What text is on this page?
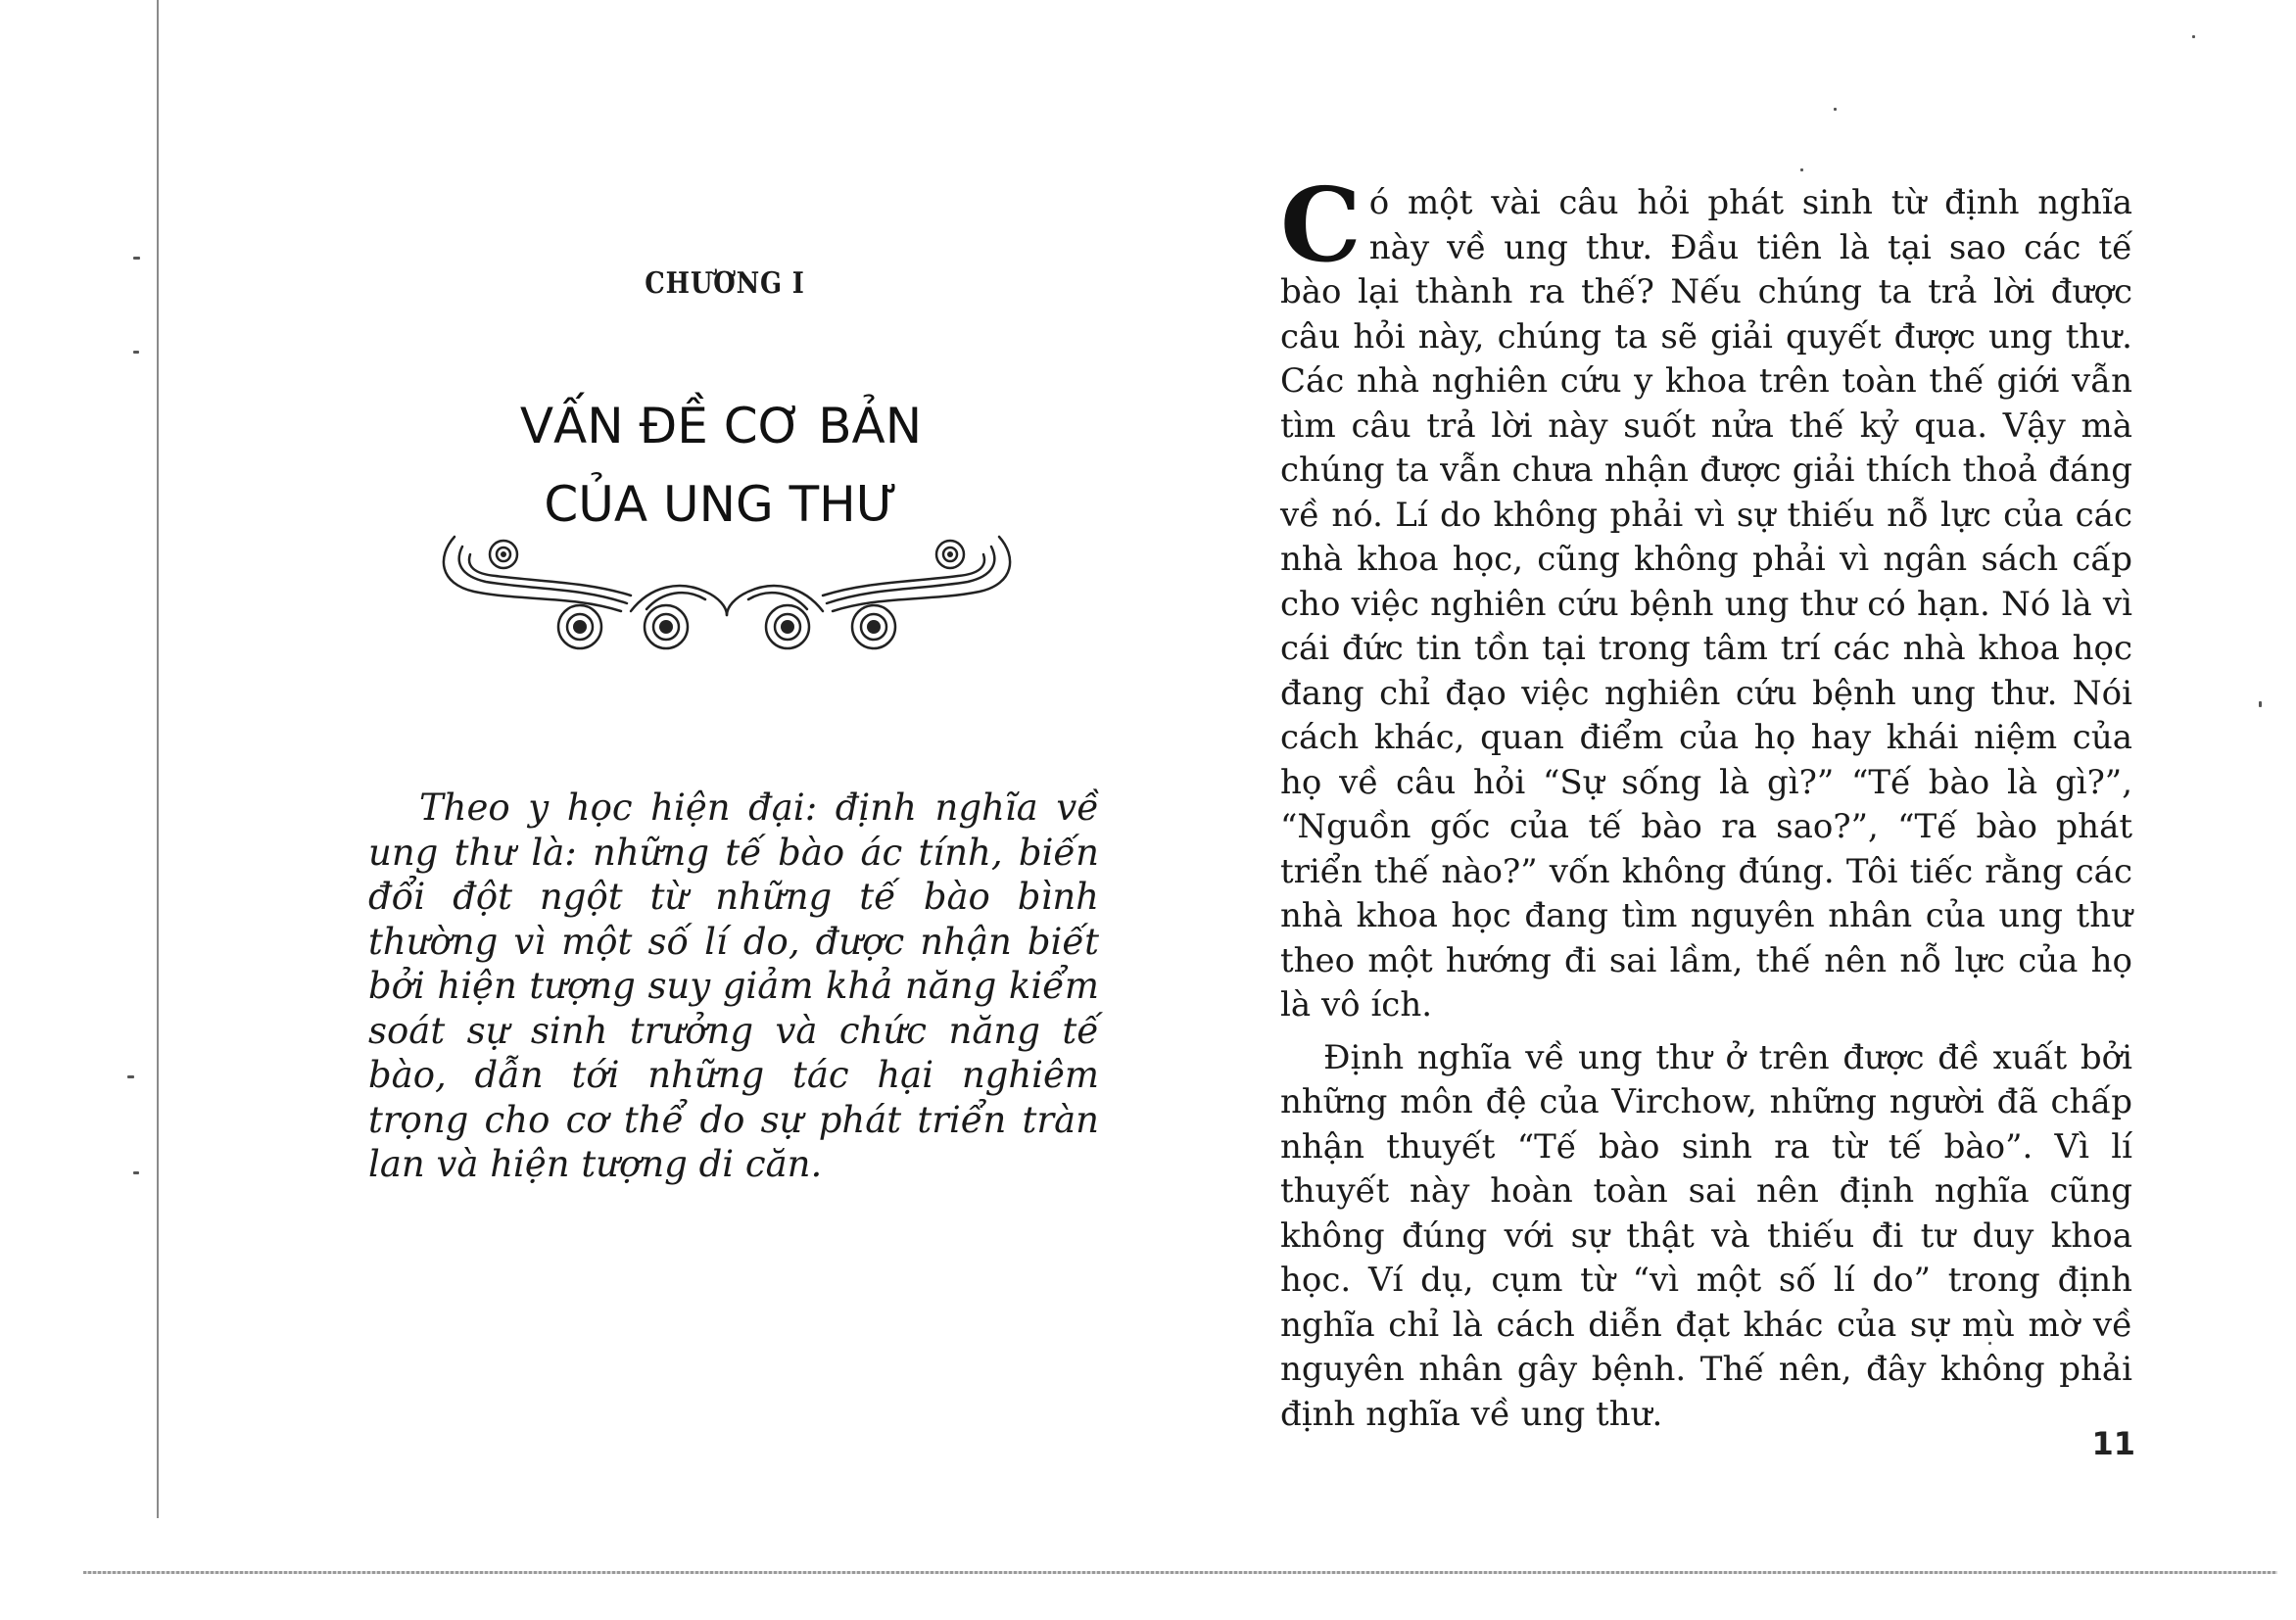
CHƯƠNG I
VẤN ĐỀ CƠ BẢN
CỦA UNG THƯ

Theo y học hiện đại: định nghĩa về ung thư là: những tế bào ác tính, biến đổi đột ngột từ những tế bào bình thường vì một số lí do, được nhận biết bởi hiện tượng suy giảm khả năng kiểm soát sự sinh trưởng và chức năng tế bào, dẫn tới những tác hại nghiêm trọng cho cơ thể do sự phát triển tràn lan và hiện tượng di căn.

Có một vài câu hỏi phát sinh từ định nghĩa này về ung thư. Đầu tiên là tại sao các tế bào lại thành ra thế? Nếu chúng ta trả lời được câu hỏi này, chúng ta sẽ giải quyết được ung thư. Các nhà nghiên cứu y khoa trên toàn thế giới vẫn tìm câu trả lời này suốt nửa thế kỷ qua. Vậy mà chúng ta vẫn chưa nhận được giải thích thoả đáng về nó. Lí do không phải vì sự thiếu nỗ lực của các nhà khoa học, cũng không phải vì ngân sách cấp cho việc nghiên cứu bệnh ung thư có hạn. Nó là vì cái đức tin tồn tại trong tâm trí các nhà khoa học đang chỉ đạo việc nghiên cứu bệnh ung thư. Nói cách khác, quan điểm của họ hay khái niệm của họ về câu hỏi “Sự sống là gì?” “Tế bào là gì?”, “Nguồn gốc của tế bào ra sao?”, “Tế bào phát triển thế nào?” vốn không đúng. Tôi tiếc rằng các nhà khoa học đang tìm nguyên nhân của ung thư theo một hướng đi sai lầm, thế nên nỗ lực của họ là vô ích.

Định nghĩa về ung thư ở trên được đề xuất bởi những môn đệ của Virchow, những người đã chấp nhận thuyết “Tế bào sinh ra từ tế bào”. Vì lí thuyết này hoàn toàn sai nên định nghĩa cũng không đúng với sự thật và thiếu đi tư duy khoa học. Ví dụ, cụm từ “vì một số lí do” trong định nghĩa chỉ là cách diễn đạt khác của sự mù mờ về nguyên nhân gây bệnh. Thế nên, đây không phải định nghĩa về ung thư.

11
